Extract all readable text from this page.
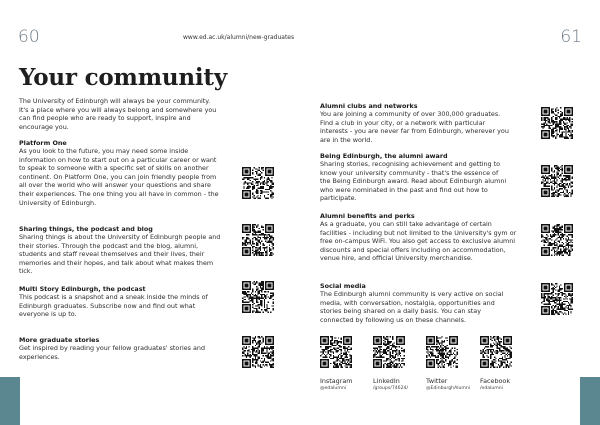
60	61
www.ed.ac.uk/alumni/new-graduates
Your community
The University of Edinburgh will always be your community. It's a place where you will always belong and somewhere you can find people who are ready to support, inspire and encourage you.
Platform One
As you look to the future, you may need some inside information on how to start out on a particular career or want to speak to someone with a specific set of skills on another continent. On Platform One, you can join friendly people from all over the world who will answer your questions and share their experiences. The one thing you all have in common - the University of Edinburgh.
Sharing things, the podcast and blog
Sharing things is about the University of Edinburgh people and their stories. Through the podcast and the blog, alumni, students and staff reveal themselves and their lives, their memories and their hopes, and talk about what makes them tick.
Multi Story Edinburgh, the podcast
This podcast is a snapshot and a sneak inside the minds of Edinburgh graduates. Subscribe now and find out what everyone is up to.
More graduate stories
Get inspired by reading your fellow graduates' stories and experiences.
Alumni clubs and networks
You are joining a community of over 300,000 graduates. Find a club in your city, or a network with particular interests - you are never far from Edinburgh, wherever you are in the world.
Being Edinburgh, the alumni award
Sharing stories, recognising achievement and getting to know your university community - that's the essence of the Being Edinburgh award. Read about Edinburgh alumni who were nominated in the past and find out how to participate.
Alumni benefits and perks
As a graduate, you can still take advantage of certain facilities - including but not limited to the University's gym or free on-campus WiFi. You also get access to exclusive alumni discounts and special offers including on accommodation, venue hire, and official University merchandise.
Social media
The Edinburgh alumni community is very active on social media, with conversation, nostalgia, opportunities and stories being shared on a daily basis. You can stay connected by following us on these channels.
Instagram
@edalumni
LinkedIn
/groups/74624/
Twitter
@EdinburghAlumni
Facebook
/edalumni
